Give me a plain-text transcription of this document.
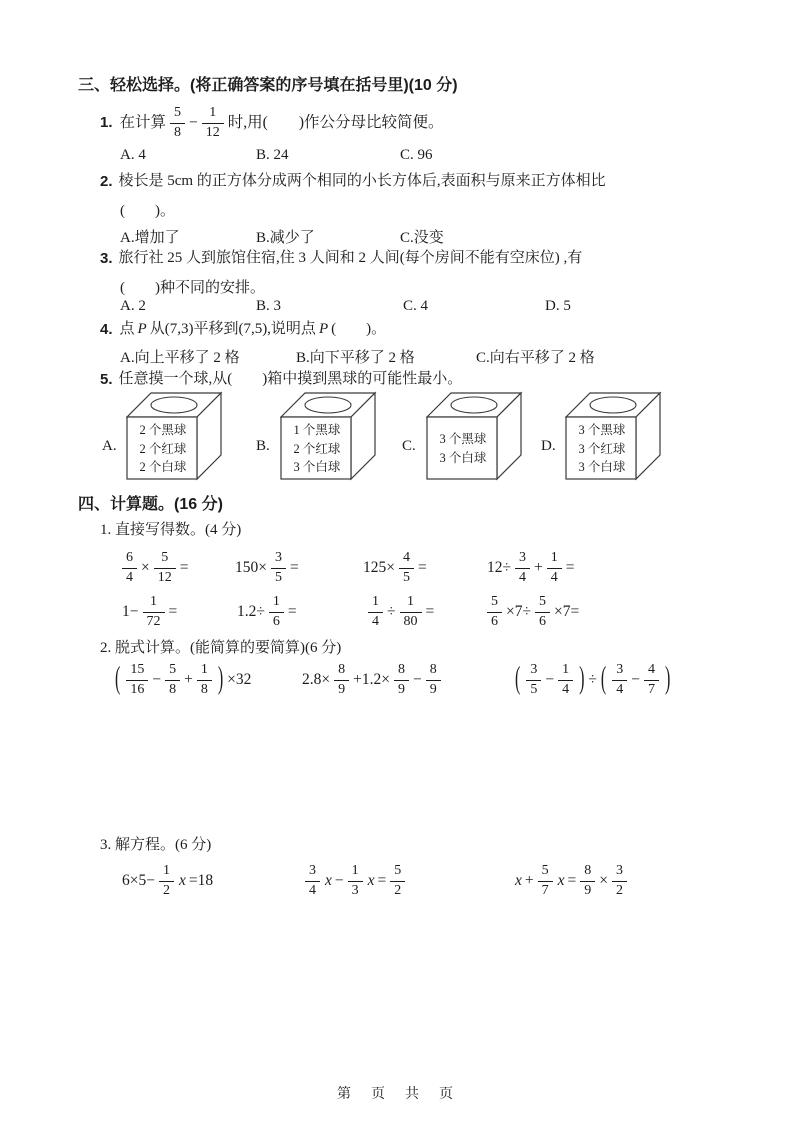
三、轻松选择。(将正确答案的序号填在括号里)(10 分)
1. 在计算 $\frac{5}{8} - \frac{1}{12}$ 时,用(　　)作公分母比较简便。
A. 4	B. 24	C. 96
2. 棱长是 5cm 的正方体分成两个相同的小长方体后,表面积与原来正方体相比
(　　)。
A.增加了	B.减少了	C.没变
3. 旅行社 25 人到旅馆住宿,住 3 人间和 2 人间(每个房间不能有空床位) ,有
(　　)种不同的安排。
A. 2	B. 3	C. 4	D. 5
4. 点 P 从(7,3)平移到(7,5),说明点 P (　　)。
A.向上平移了 2 格	B.向下平移了 2 格	C.向右平移了 2 格
5. 任意摸一个球,从(　　)箱中摸到黑球的可能性最小。
A.
2 个黑球
2 个红球
2 个白球
B.
1 个黑球
2 个红球
3 个白球
C.	3 个黑球
3 个白球
D.
3 个黑球
3 个红球
3 个白球
四、计算题。(16 分)
1. 直接写得数。(4 分)
$\frac{6}{4} \times \frac{5}{12}$ =	$150\times \frac{3}{5}$ =	$125\times \frac{4}{5}$ =	$12\div \frac{3}{4} + \frac{1}{4}$ =
$1- \frac{1}{72}$ =	$1.2\div \frac{1}{6}$ =	$\frac{1}{4} \div \frac{1}{80}$ =	$\frac{5}{6} \times 7\div \frac{5}{6} \times 7=$
2. 脱式计算。(能简算的要简算)(6 分)
( $\frac{15}{16} - \frac{5}{8} + \frac{1}{8}$ ) ×32	$2.8\times \frac{8}{9} +1.2\times \frac{8}{9} - \frac{8}{9}$	( $\frac{3}{5} - \frac{1}{4}$ ) ÷ ( $\frac{3}{4} - \frac{4}{7}$ )
3. 解方程。(6 分)
$6\times 5- \frac{1}{2}$ x =18	$\frac{3}{4}$ $x - \frac{1}{3}$ $x = \frac{5}{2}$	$x + \frac{5}{7}$ $x = \frac{8}{9} \times \frac{3}{2}$
第　页　共　页
